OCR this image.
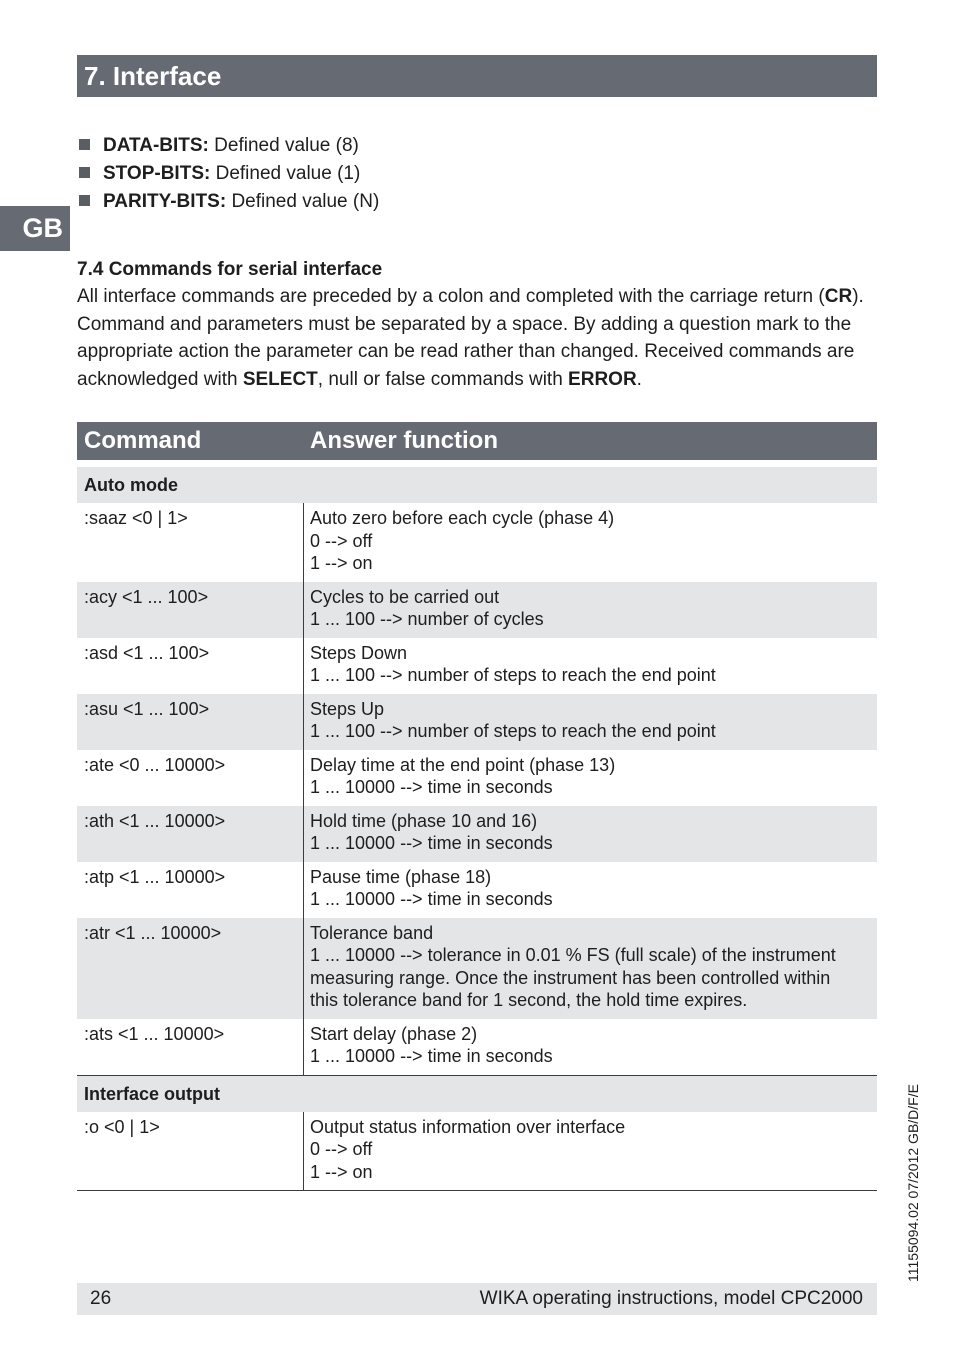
7. Interface
GB
DATA-BITS: Defined value (8)
STOP-BITS: Defined value (1)
PARITY-BITS: Defined value (N)
7.4 Commands for serial interface
All interface commands are preceded by a colon and completed with the carriage return (CR). Command and parameters must be separated by a space. By adding a question mark to the appropriate action the parameter can be read rather than changed. Received commands are acknowledged with SELECT, null or false commands with ERROR.
Command	Answer function
Auto mode
:saaz <0 | 1>	Auto zero before each cycle (phase 4)
0 --> off
1 --> on
:acy <1 ... 100>	Cycles to be carried out
1 ... 100 --> number of cycles
:asd <1 ... 100>	Steps Down
1 ... 100 --> number of steps to reach the end point
:asu <1 ... 100>	Steps Up
1 ... 100 --> number of steps to reach the end point
:ate <0 ... 10000>	Delay time at the end point (phase 13)
1 ... 10000 --> time in seconds
:ath <1 ... 10000>	Hold time (phase 10 and 16)
1 ... 10000 --> time in seconds
:atp <1 ... 10000>	Pause time (phase 18)
1 ... 10000 --> time in seconds
:atr <1 ... 10000>	Tolerance band
1 ... 10000 --> tolerance in 0.01 % FS (full scale) of the instrument
measuring range. Once the instrument has been controlled within
this tolerance band for 1 second, the hold time expires.
:ats <1 ... 10000>	Start delay (phase 2)
1 ... 10000 --> time in seconds
Interface output
:o <0 | 1>	Output status information over interface
0 --> off
1 --> on	11155094.02 07/2012 GB/D/F/E
26	WIKA operating instructions, model CPC2000
